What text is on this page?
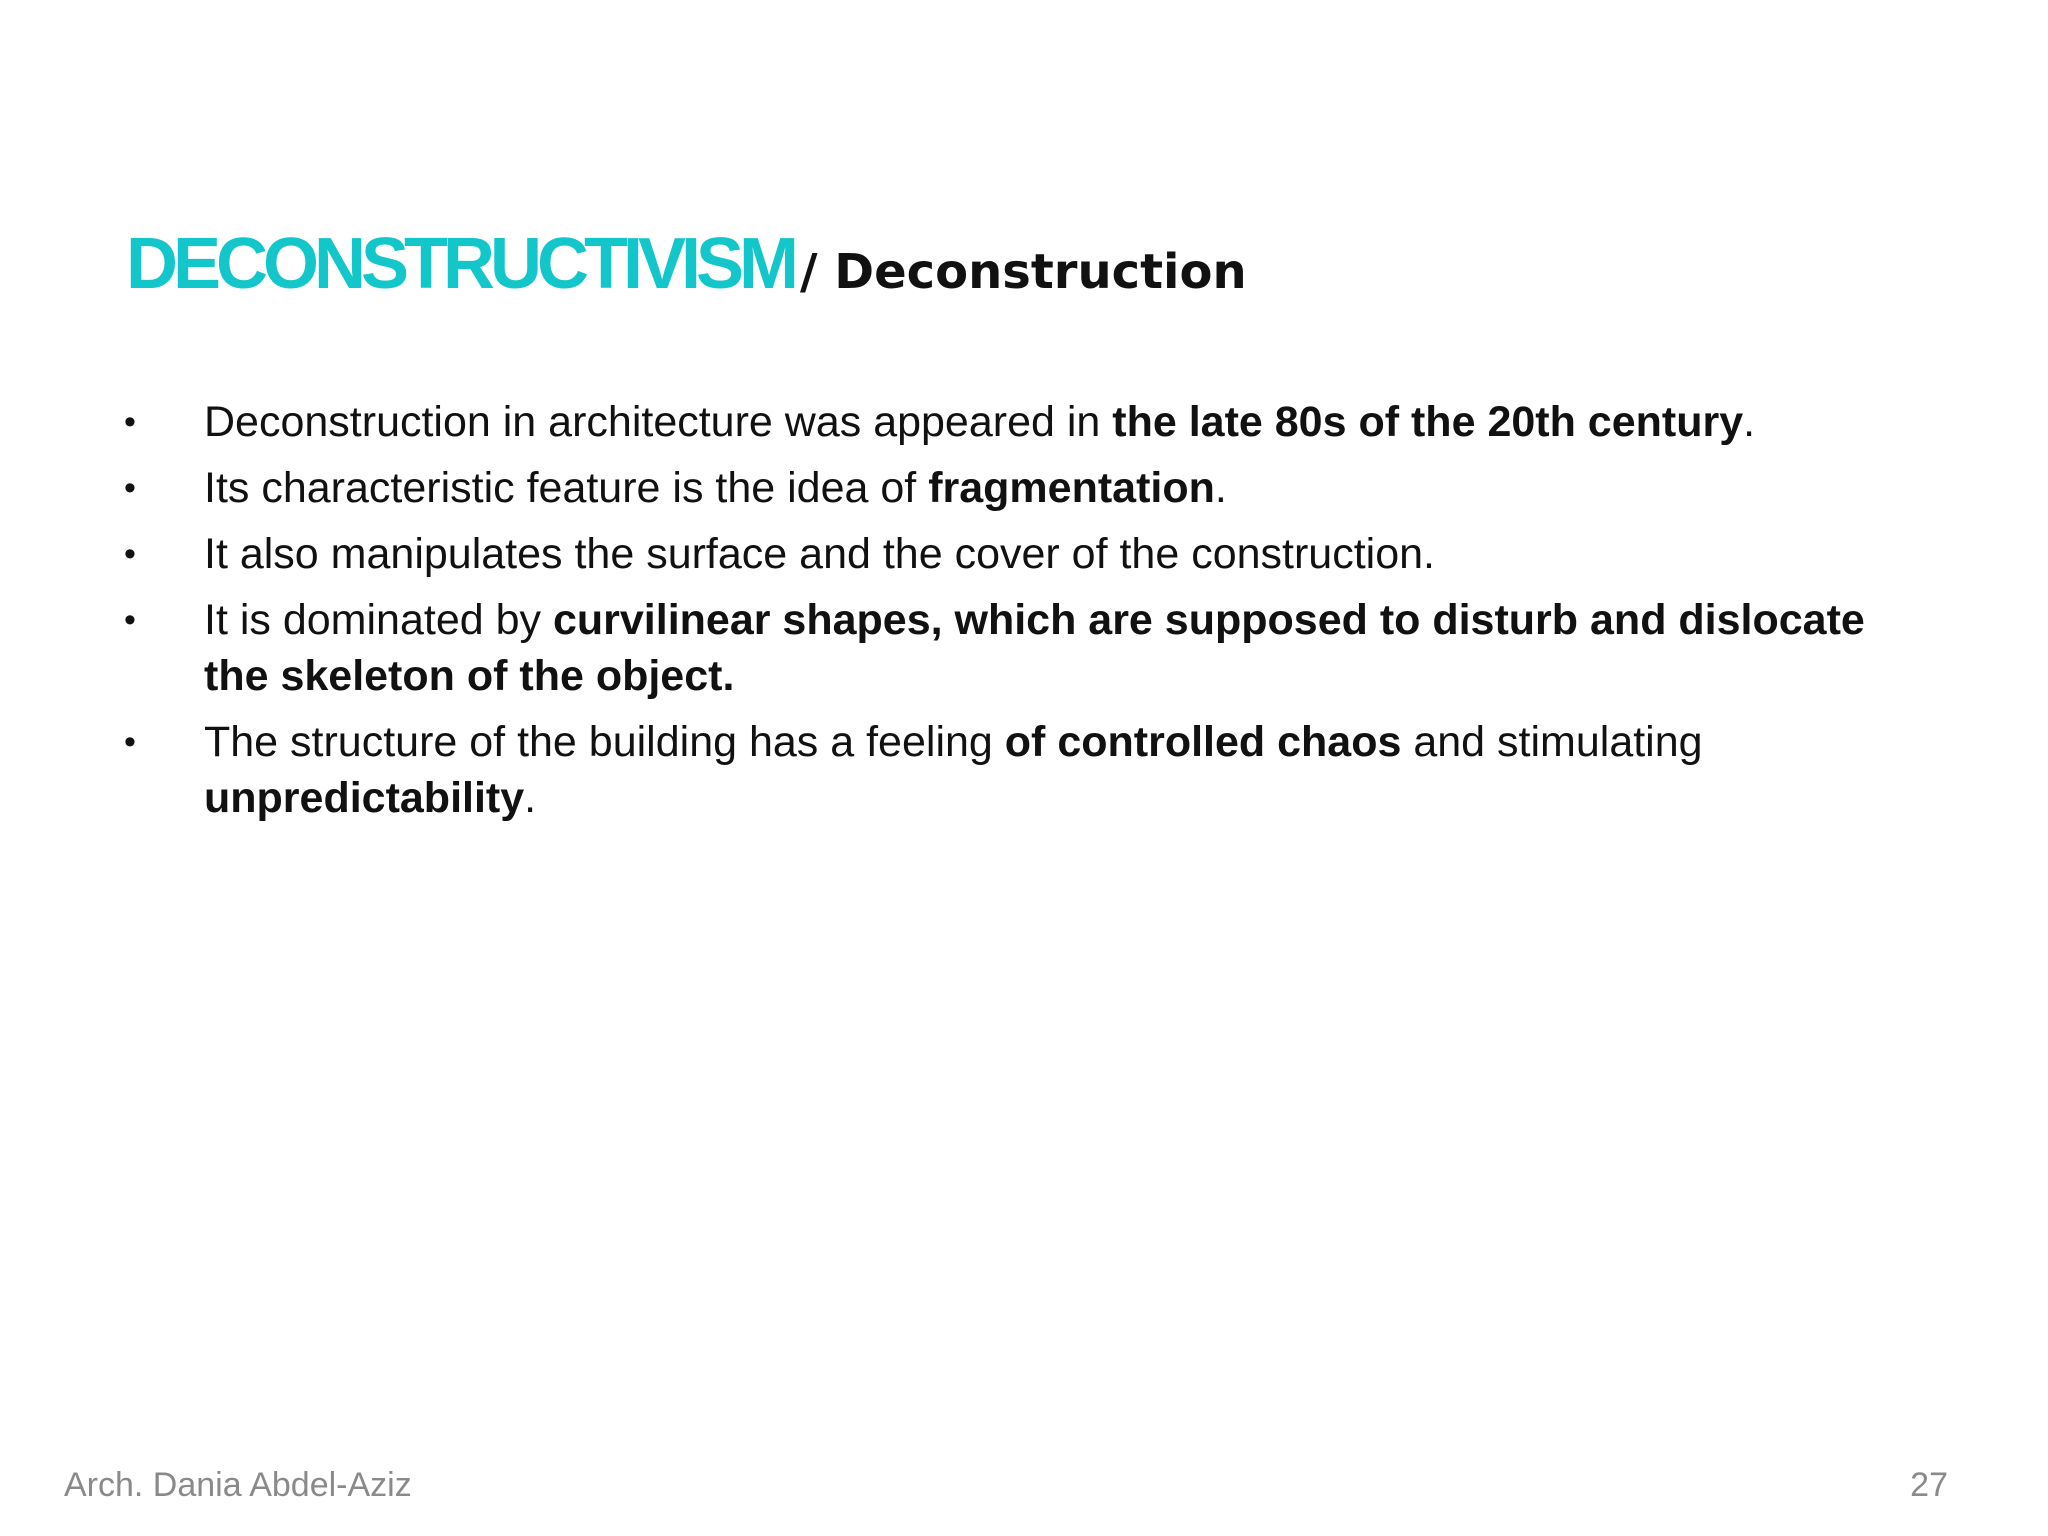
DECONSTRUCTIVISM / Deconstruction
• Deconstruction in architecture was appeared in the late 80s of the 20th century.
• Its characteristic feature is the idea of fragmentation.
• It also manipulates the surface and the cover of the construction.
• It is dominated by curvilinear shapes, which are supposed to disturb and dislocate the skeleton of the object.
• The structure of the building has a feeling of controlled chaos and stimulating unpredictability.
Arch. Dania Abdel-Aziz	27
